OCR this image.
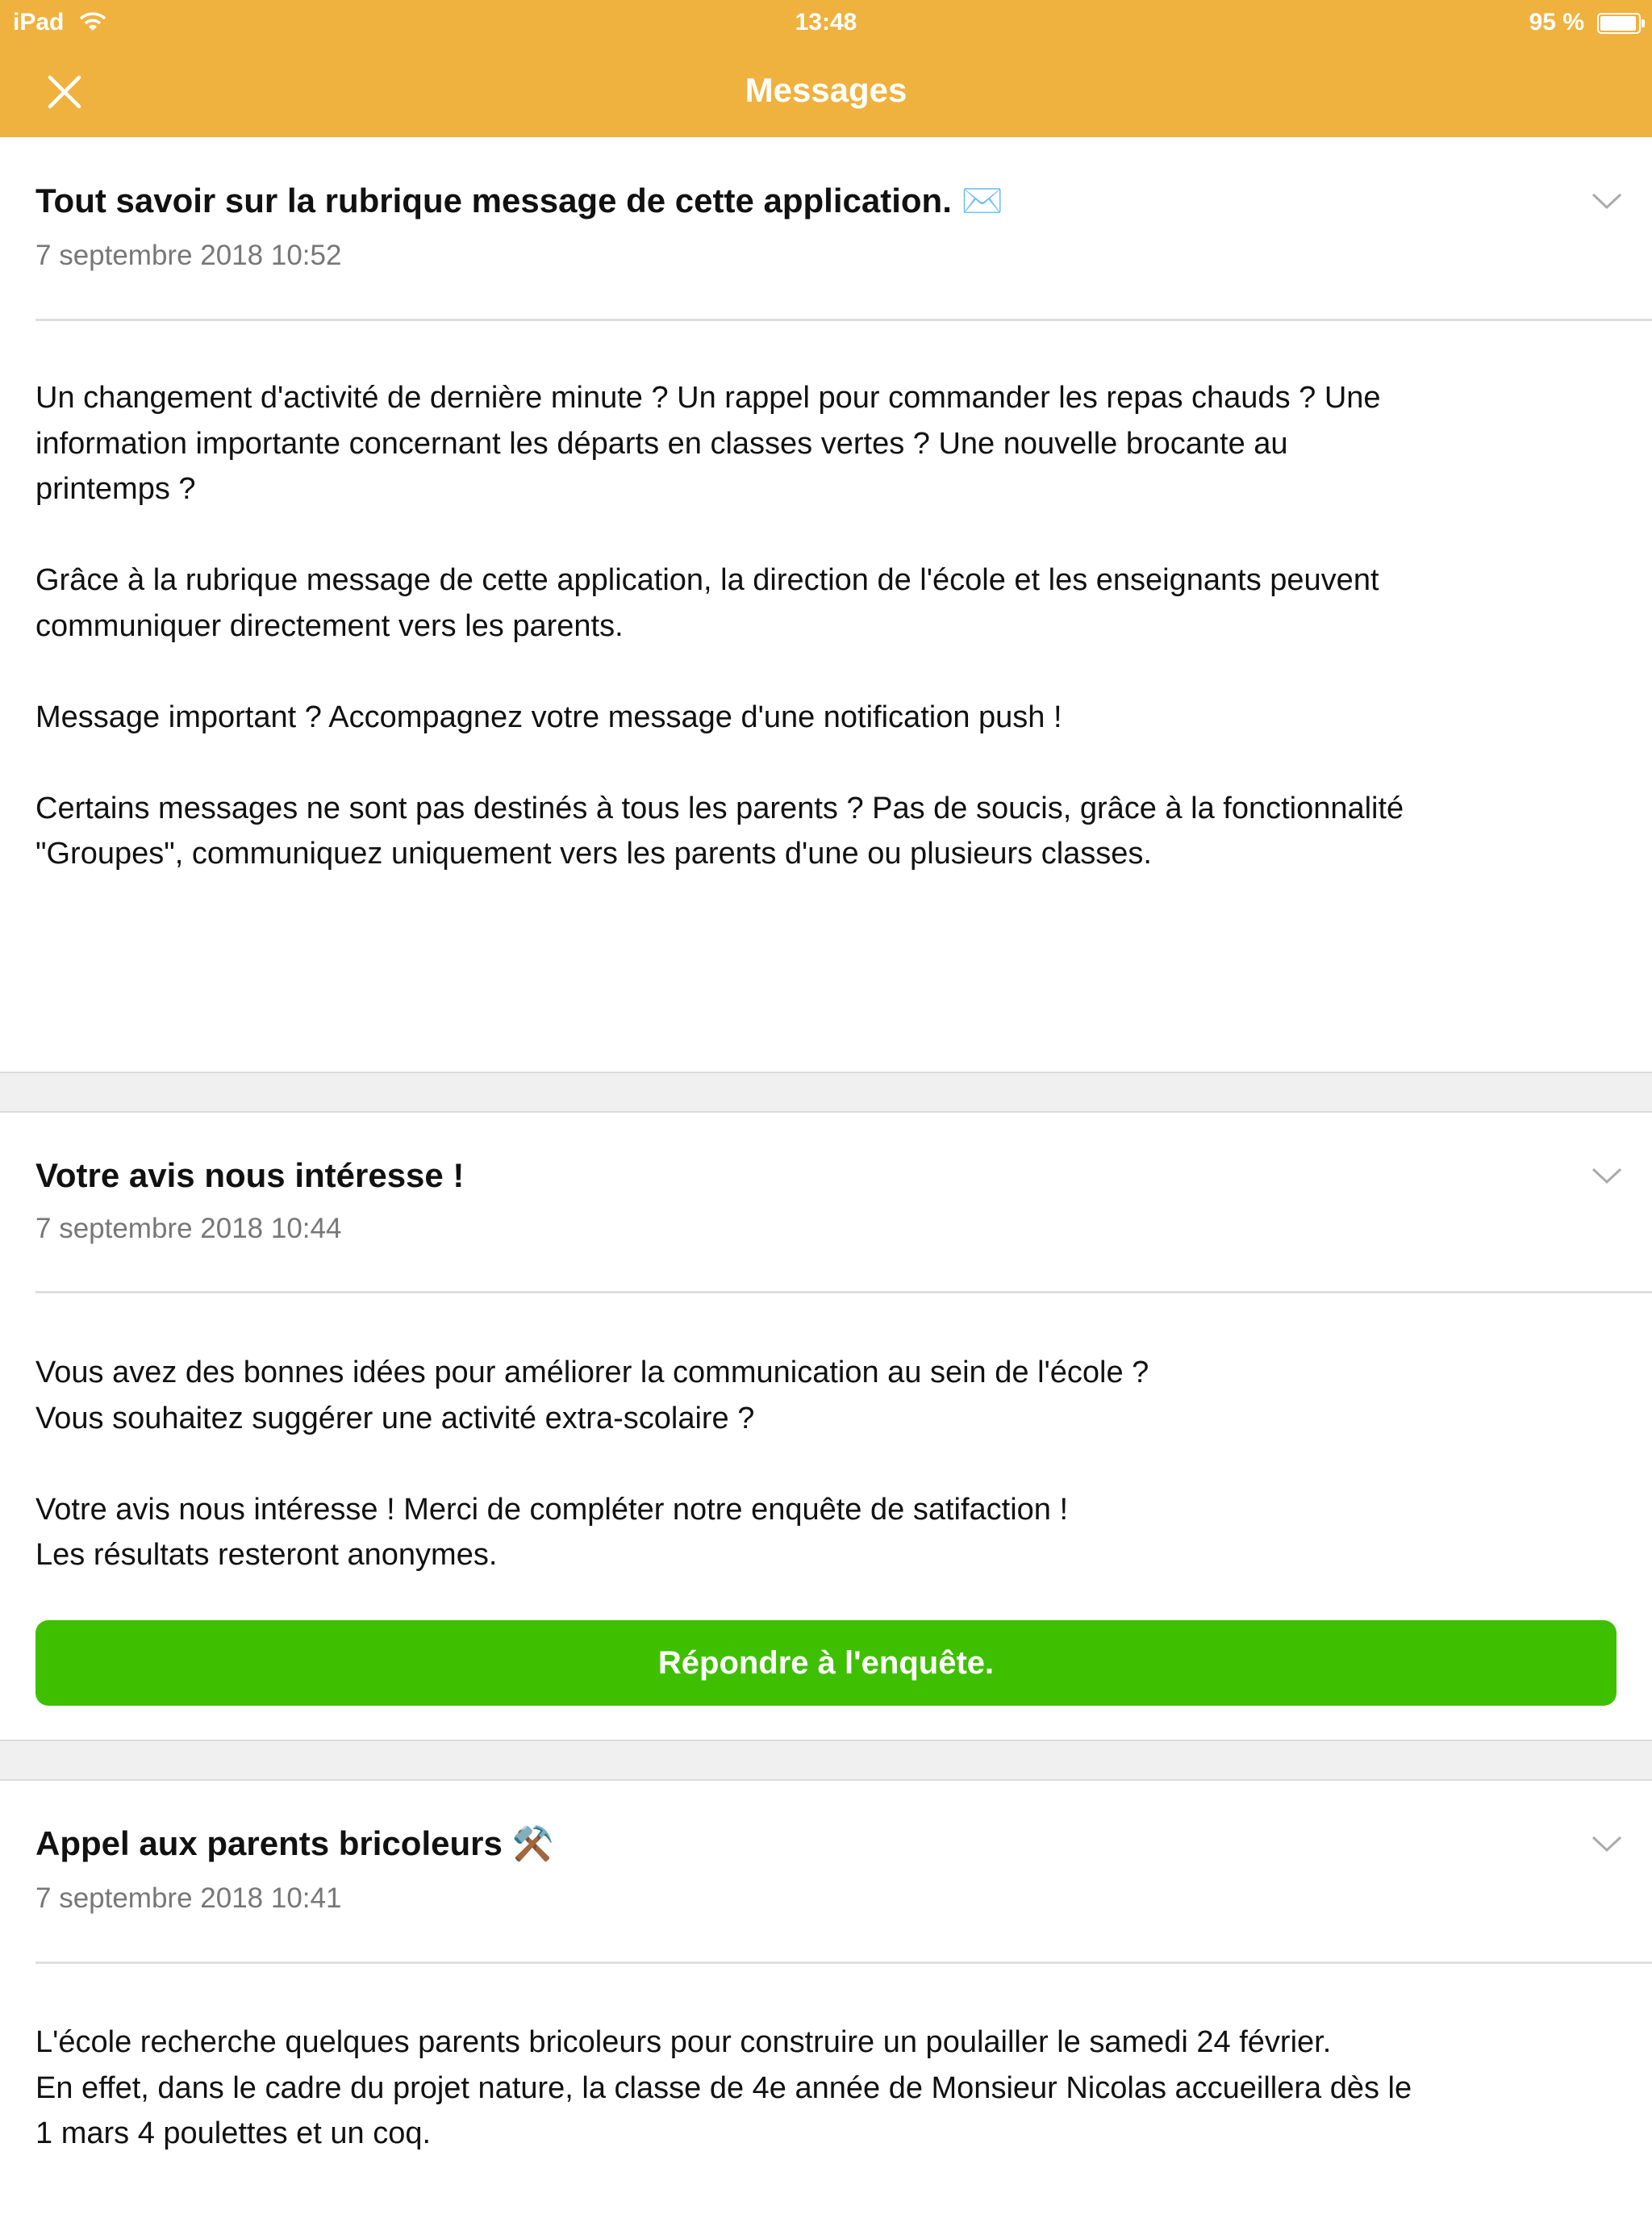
iPad	13:48	95 %
Messages
Tout savoir sur la rubrique message de cette application. ✉️
7 septembre 2018 10:52
Un changement d'activité de dernière minute ? Un rappel pour commander les repas chauds ? Une
information importante concernant les départs en classes vertes ? Une nouvelle brocante au
printemps ?
Grâce à la rubrique message de cette application, la direction de l'école et les enseignants peuvent
communiquer directement vers les parents.
Message important ? Accompagnez votre message d'une notification push !
Certains messages ne sont pas destinés à tous les parents ? Pas de soucis, grâce à la fonctionnalité
"Groupes", communiquez uniquement vers les parents d'une ou plusieurs classes.
Votre avis nous intéresse !
7 septembre 2018 10:44
Vous avez des bonnes idées pour améliorer la communication au sein de l'école ?
Vous souhaitez suggérer une activité extra-scolaire ?
Votre avis nous intéresse ! Merci de compléter notre enquête de satifaction !
Les résultats resteront anonymes.
Répondre à l'enquête.
Appel aux parents bricoleurs ⚒️
7 septembre 2018 10:41
L'école recherche quelques parents bricoleurs pour construire un poulailler le samedi 24 février.
En effet, dans le cadre du projet nature, la classe de 4e année de Monsieur Nicolas accueillera dès le
1 mars 4 poulettes et un coq.
